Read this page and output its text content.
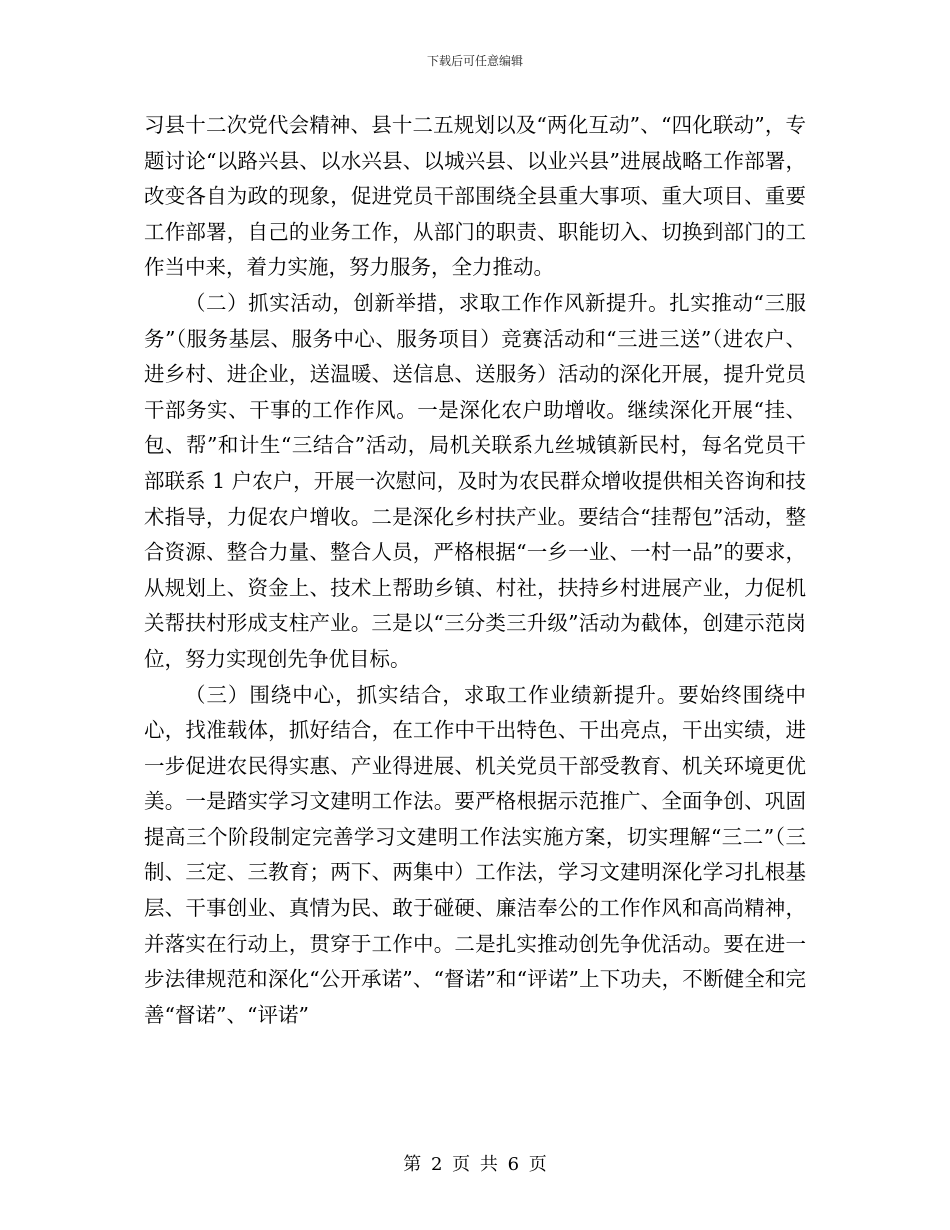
下载后可任意编辑

习县十二次党代会精神、县十二五规划以及“两化互动”、“四化联动”，专题讨论“以路兴县、以水兴县、以城兴县、以业兴县”进展战略工作部署，改变各自为政的现象，促进党员干部围绕全县重大事项、重大项目、重要工作部署，自己的业务工作，从部门的职责、职能切入、切换到部门的工作当中来，着力实施，努力服务，全力推动。

（二）抓实活动，创新举措，求取工作作风新提升。扎实推动“三服务”（服务基层、服务中心、服务项目）竞赛活动和“三进三送”（进农户、进乡村、进企业，送温暖、送信息、送服务）活动的深化开展，提升党员干部务实、干事的工作作风。一是深化农户助增收。继续深化开展“挂、包、帮”和计生“三结合”活动，局机关联系九丝城镇新民村，每名党员干部联系 1 户农户，开展一次慰问，及时为农民群众增收提供相关咨询和技术指导，力促农户增收。二是深化乡村扶产业。要结合“挂帮包”活动，整合资源、整合力量、整合人员，严格根据“一乡一业、一村一品”的要求，从规划上、资金上、技术上帮助乡镇、村社，扶持乡村进展产业，力促机关帮扶村形成支柱产业。三是以“三分类三升级”活动为截体，创建示范岗位，努力实现创先争优目标。

（三）围绕中心，抓实结合，求取工作业绩新提升。要始终围绕中心，找准载体，抓好结合，在工作中干出特色、干出亮点，干出实绩，进一步促进农民得实惠、产业得进展、机关党员干部受教育、机关环境更优美。一是踏实学习文建明工作法。要严格根据示范推广、全面争创、巩固提高三个阶段制定完善学习文建明工作法实施方案，切实理解“三二”（三制、三定、三教育；两下、两集中）工作法，学习文建明深化学习扎根基层、干事创业、真情为民、敢于碰硬、廉洁奉公的工作作风和高尚精神，并落实在行动上，贯穿于工作中。二是扎实推动创先争优活动。要在进一步法律规范和深化“公开承诺”、“督诺”和“评诺”上下功夫，不断健全和完善“督诺”、“评诺”

第 2 页 共 6 页
